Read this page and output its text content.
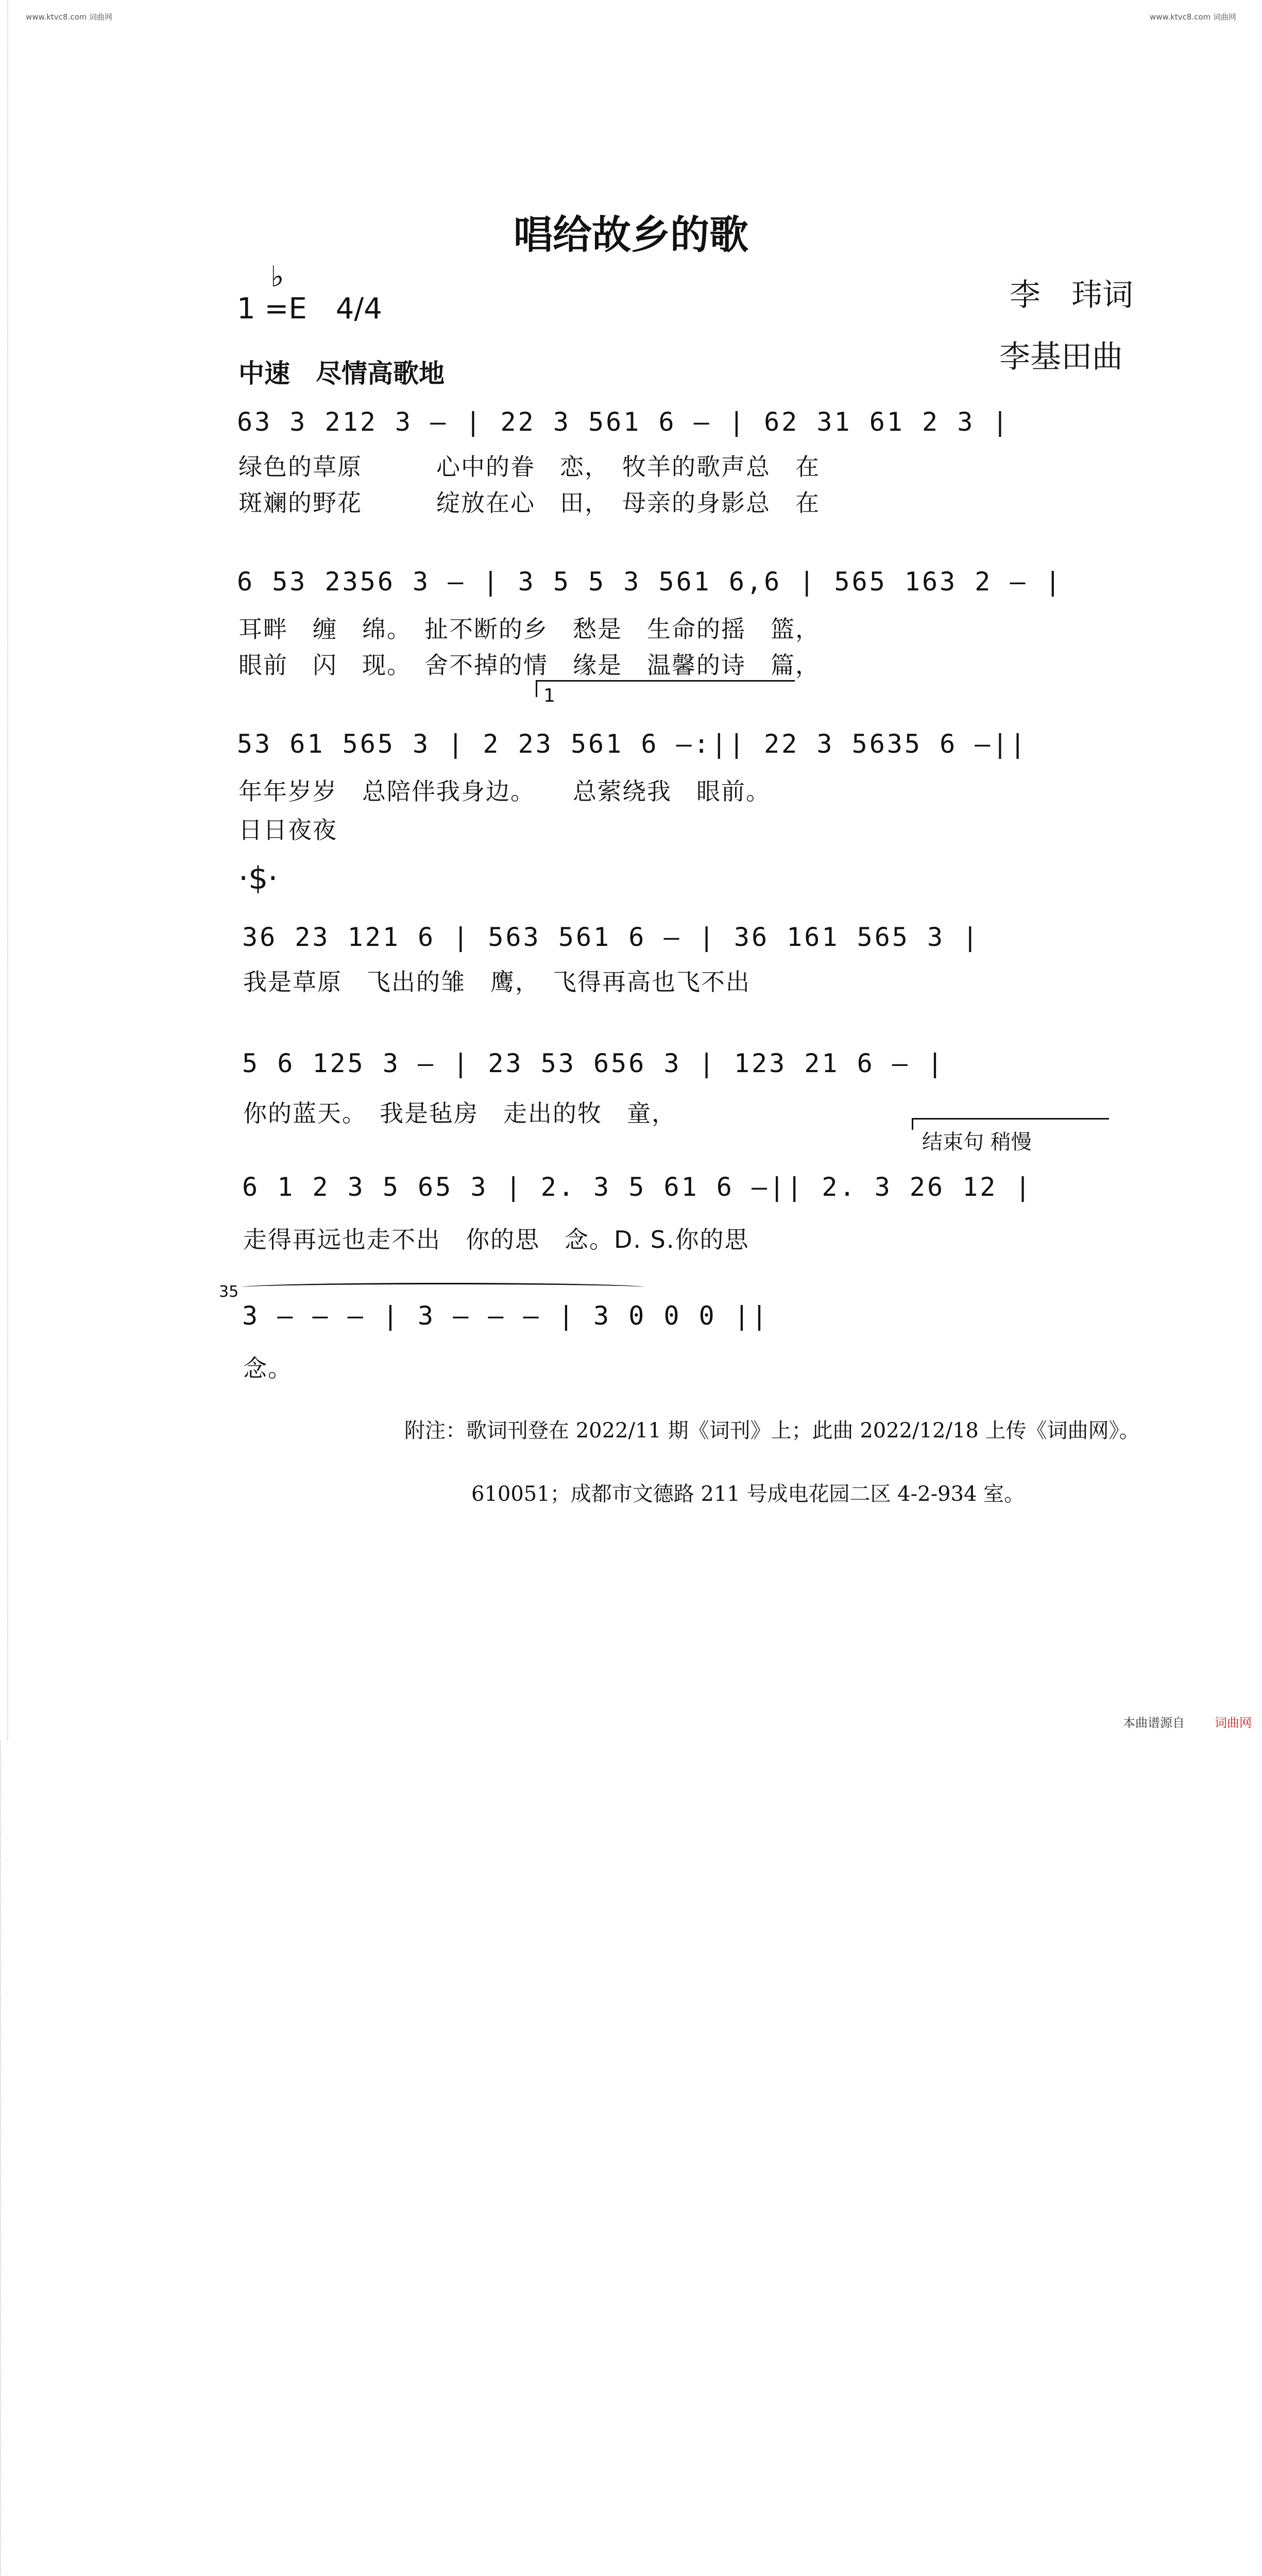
www.ktvc8.com 词曲网	www.ktvc8.com 词曲网
唱给故乡的歌
李　玮词
李基田曲
♭
1 =E　4/4
中速　尽情高歌地
63 3 212 3 — | 22 3 561 6 — | 62 31 61 2 3 |
绿色的草原　　　心中的眷　恋，　牧羊的歌声总　在
斑斓的野花　　　绽放在心　田，　母亲的身影总　在
6 53 2356 3 — | 3 5 5 3 561 6,6 | 565 163 2 — |
耳畔　缠　绵。　扯不断的乡　愁是　生命的摇　篮，
眼前　闪　现。　舍不掉的情　缘是　温馨的诗　篇，
1
53 61 565 3 | 2 23 561 6 —:|| 22 3 5635 6 —||
年年岁岁　总陪伴我身边。　　总萦绕我　眼前。
日日夜夜
·$·
36 23 121 6 | 563 561 6 — | 36 161 565 3 |
我是草原　飞出的雏　鹰，　飞得再高也飞不出
5 6 125 3 — | 23 53 656 3 | 123 21 6 — |
你的蓝天。　我是毡房　走出的牧　童，
结束句 稍慢
6 1 2 3 5 65 3 | 2. 3 5 61 6 —|| 2. 3 26 12 |
走得再远也走不出　你的思　念。D. S.你的思
35
3 — — — | 3 — — — | 3 0 0 0 ||
念。
附注：歌词刊登在 2022/11 期《词刊》上；此曲 2022/12/18 上传《词曲网》。
610051；成都市文德路 211 号成电花园二区 4-2-934 室。
本曲谱源自 词曲网
